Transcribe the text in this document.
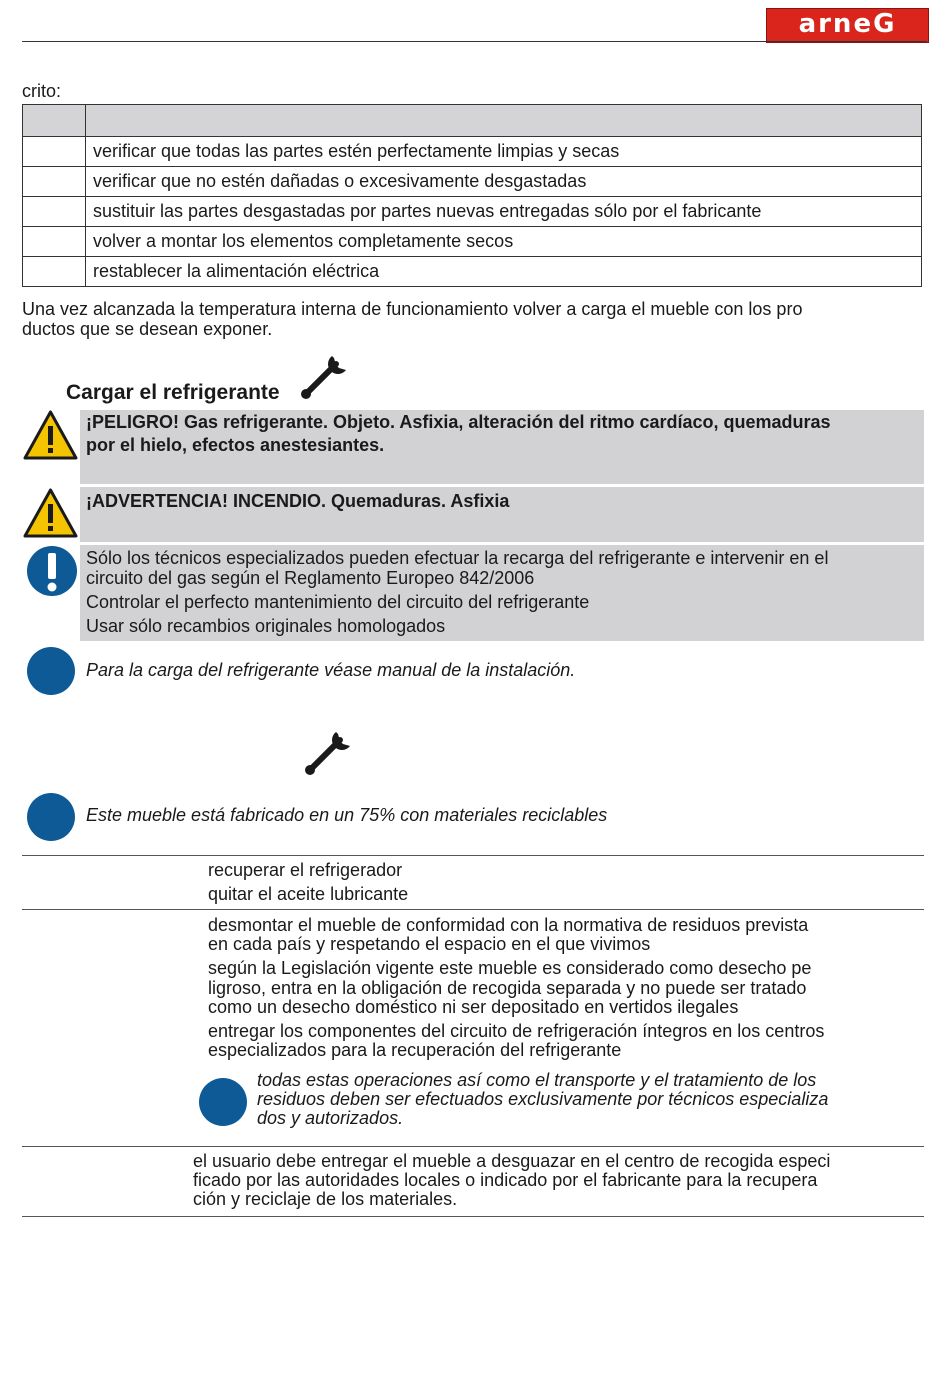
arneG
crito:

	verificar que todas las partes estén perfectamente limpias y secas
	verificar que no estén dañadas o excesivamente desgastadas
	sustituir las partes desgastadas por partes nuevas entregadas sólo por el fabricante
	volver a montar los elementos completamente secos
	restablecer la alimentación eléctrica
Una vez alcanzada la temperatura interna de funcionamiento volver a carga el mueble con los pro
ductos que se desean exponer.
Cargar el refrigerante
¡PELIGRO! Gas refrigerante. Objeto. Asfixia, alteración del ritmo cardíaco, quemaduras
por el hielo, efectos anestesiantes.
¡ADVERTENCIA! INCENDIO. Quemaduras. Asfixia
Sólo los técnicos especializados pueden efectuar la recarga del refrigerante e intervenir en el
circuito del gas según el Reglamento Europeo 842/2006
Controlar el perfecto mantenimiento del circuito del refrigerante
Usar sólo recambios originales homologados
Para la carga del refrigerante véase manual de la instalación.
Este mueble está fabricado en un 75% con materiales reciclables
recuperar el refrigerador
quitar el aceite lubricante
desmontar el mueble de conformidad con la normativa de residuos prevista
en cada país y respetando el espacio en el que vivimos
según la Legislación vigente este mueble es considerado como desecho pe
ligroso, entra en la obligación de recogida separada y no puede ser tratado
como un desecho doméstico ni ser depositado en vertidos ilegales
entregar los componentes del circuito de refrigeración íntegros en los centros
especializados para la recuperación del refrigerante
todas estas operaciones así como el transporte y el tratamiento de los
residuos deben ser efectuados exclusivamente por técnicos especializa
dos y autorizados.
el usuario debe entregar el mueble a desguazar en el centro de recogida especi
ficado por las autoridades locales o indicado por el fabricante para la recupera
ción y reciclaje de los materiales.
